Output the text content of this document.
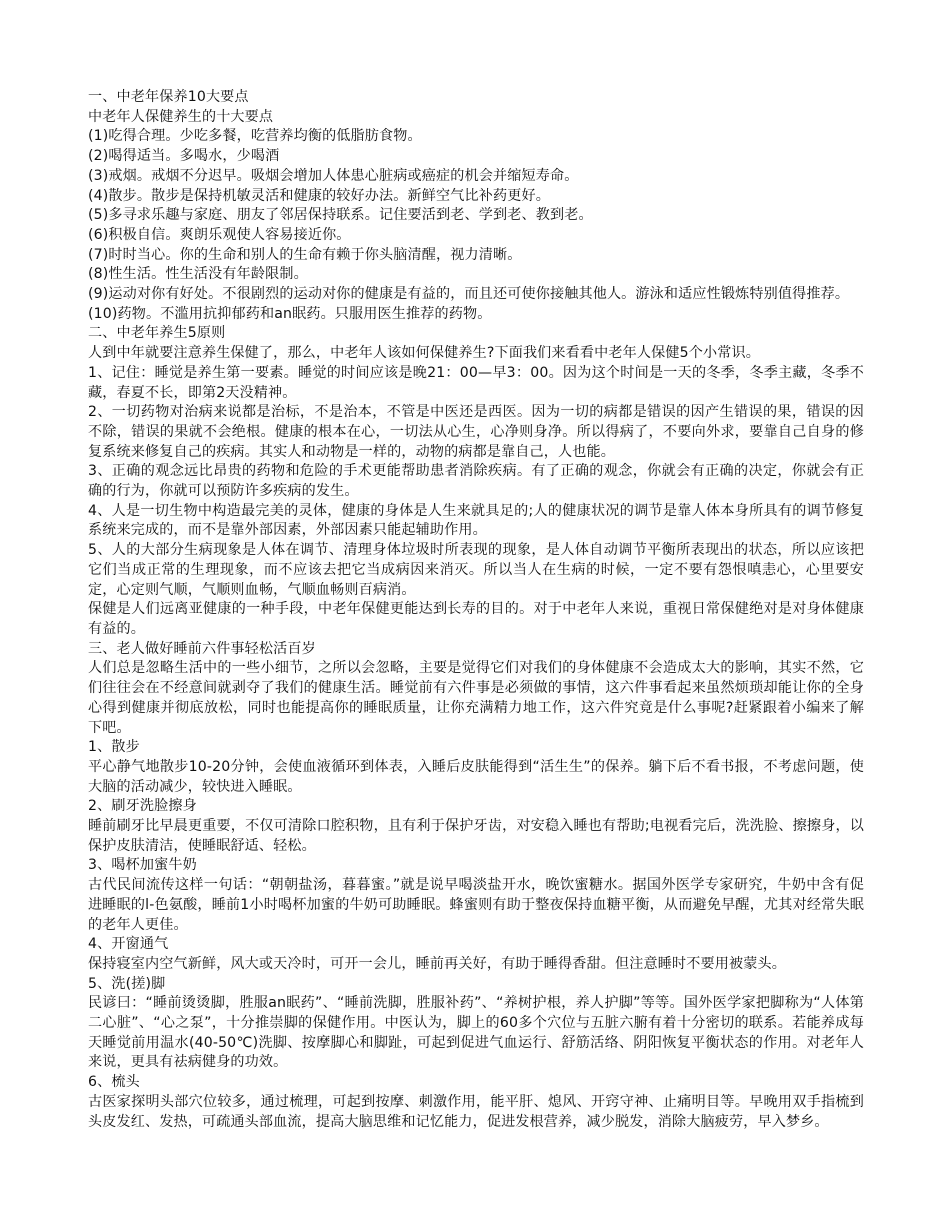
一、中老年保养10大要点

中老年人保健养生的十大要点

(1)吃得合理。少吃多餐，吃营养均衡的低脂肪食物。

(2)喝得适当。多喝水，少喝酒

(3)戒烟。戒烟不分迟早。吸烟会增加人体患心脏病或癌症的机会并缩短寿命。

(4)散步。散步是保持机敏灵活和健康的较好办法。新鲜空气比补药更好。

(5)多寻求乐趣与家庭、朋友了邻居保持联系。记住要活到老、学到老、教到老。

(6)积极自信。爽朗乐观使人容易接近你。

(7)时时当心。你的生命和别人的生命有赖于你头脑清醒，视力清晰。

(8)性生活。性生活没有年龄限制。

(9)运动对你有好处。不很剧烈的运动对你的健康是有益的，而且还可使你接触其他人。游泳和适应性锻炼特别值得推荐。

(10)药物。不滥用抗抑郁药和an眠药。只服用医生推荐的药物。

二、中老年养生5原则

人到中年就要注意养生保健了，那么，中老年人该如何保健养生?下面我们来看看中老年人保健5个小常识。

1、记住：睡觉是养生第一要素。睡觉的时间应该是晚21：00—早3：00。因为这个时间是一天的冬季，冬季主藏，冬季不藏，春夏不长，即第2天没精神。

2、一切药物对治病来说都是治标，不是治本，不管是中医还是西医。因为一切的病都是错误的因产生错误的果，错误的因不除，错误的果就不会绝根。健康的根本在心，一切法从心生，心净则身净。所以得病了，不要向外求，要靠自己自身的修复系统来修复自己的疾病。其实人和动物是一样的，动物的病都是靠自己，人也能。

3、正确的观念远比昂贵的药物和危险的手术更能帮助患者消除疾病。有了正确的观念，你就会有正确的决定，你就会有正确的行为，你就可以预防许多疾病的发生。

4、人是一切生物中构造最完美的灵体，健康的身体是人生来就具足的;人的健康状况的调节是靠人体本身所具有的调节修复系统来完成的，而不是靠外部因素，外部因素只能起辅助作用。

5、人的大部分生病现象是人体在调节、清理身体垃圾时所表现的现象，是人体自动调节平衡所表现出的状态，所以应该把它们当成正常的生理现象，而不应该去把它当成病因来消灭。所以当人在生病的时候，一定不要有怨恨嗔恚心，心里要安定，心定则气顺，气顺则血畅，气顺血畅则百病消。

保健是人们远离亚健康的一种手段，中老年保健更能达到长寿的目的。对于中老年人来说，重视日常保健绝对是对身体健康有益的。

三、老人做好睡前六件事轻松活百岁

人们总是忽略生活中的一些小细节，之所以会忽略，主要是觉得它们对我们的身体健康不会造成太大的影响，其实不然，它们往往会在不经意间就剥夺了我们的健康生活。睡觉前有六件事是必须做的事情，这六件事看起来虽然烦琐却能让你的全身心得到健康并彻底放松，同时也能提高你的睡眠质量，让你充满精力地工作，这六件究竟是什么事呢?赶紧跟着小编来了解下吧。

1、散步

平心静气地散步10-20分钟，会使血液循环到体表，入睡后皮肤能得到“活生生”的保养。躺下后不看书报，不考虑问题，使大脑的活动减少，较快进入睡眠。

2、刷牙洗脸擦身

睡前刷牙比早晨更重要，不仅可清除口腔积物，且有利于保护牙齿，对安稳入睡也有帮助;电视看完后，洗洗脸、擦擦身，以保护皮肤清洁，使睡眠舒适、轻松。

3、喝杯加蜜牛奶

古代民间流传这样一句话：“朝朝盐汤，暮暮蜜。”就是说早喝淡盐开水，晚饮蜜糖水。据国外医学专家研究，牛奶中含有促进睡眠的l-色氨酸，睡前1小时喝杯加蜜的牛奶可助睡眠。蜂蜜则有助于整夜保持血糖平衡，从而避免早醒，尤其对经常失眠的老年人更佳。

4、开窗通气

保持寝室内空气新鲜，风大或天冷时，可开一会儿，睡前再关好，有助于睡得香甜。但注意睡时不要用被蒙头。

5、洗(搓)脚

民谚曰：“睡前烫烫脚，胜服an眠药”、“睡前洗脚，胜服补药”、“养树护根，养人护脚”等等。国外医学家把脚称为“人体第二心脏”、“心之泵”，十分推崇脚的保健作用。中医认为，脚上的60多个穴位与五脏六腑有着十分密切的联系。若能养成每天睡觉前用温水(40-50℃)洗脚、按摩脚心和脚趾，可起到促进气血运行、舒筋活络、阴阳恢复平衡状态的作用。对老年人来说，更具有祛病健身的功效。

6、梳头

古医家探明头部穴位较多，通过梳理，可起到按摩、刺激作用，能平肝、熄风、开窍守神、止痛明目等。早晚用双手指梳到头皮发红、发热，可疏通头部血流，提高大脑思维和记忆能力，促进发根营养，减少脱发，消除大脑疲劳，早入梦乡。
